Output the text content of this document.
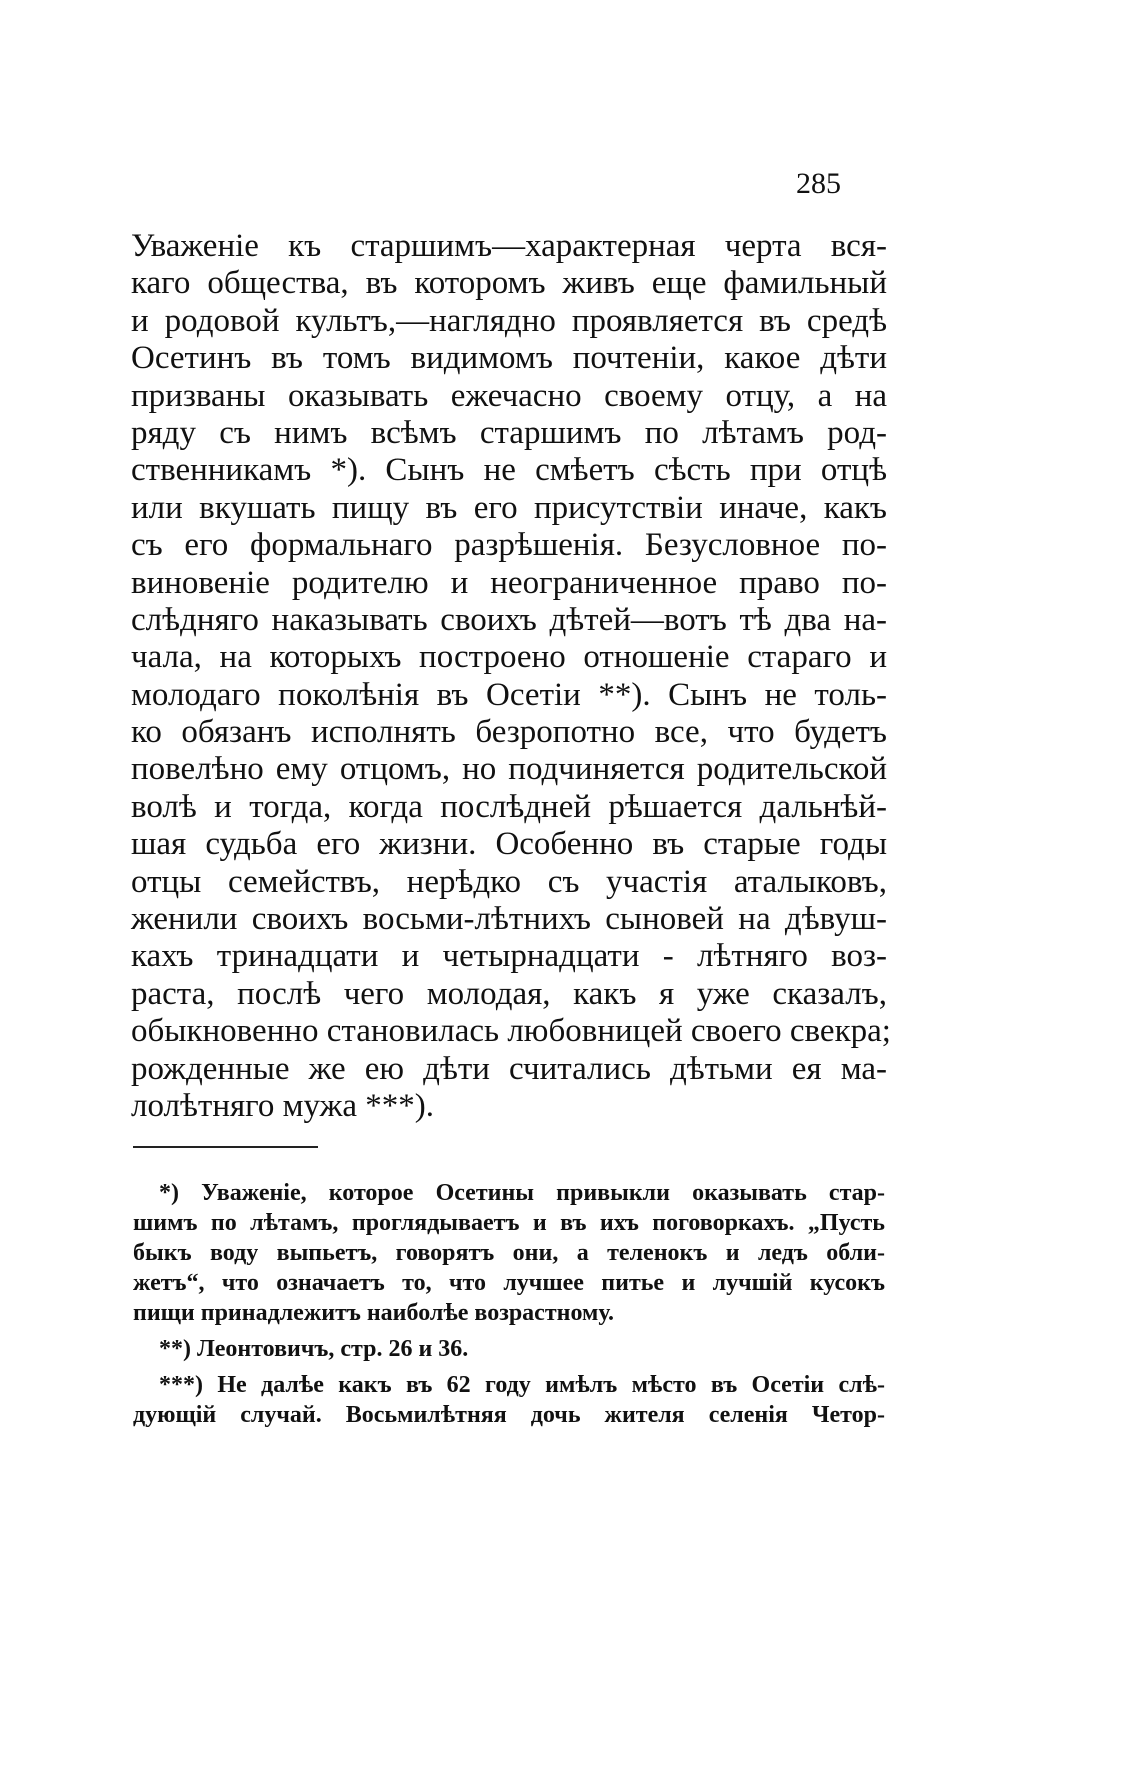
285
Уваженіе къ старшимъ—характерная черта вся-
каго общества, въ которомъ живъ еще фамильный
и родовой культъ,—наглядно проявляется въ средѣ
Осетинъ въ томъ видимомъ почтеніи, какое дѣти
призваны оказывать ежечасно своему отцу, а на
ряду съ нимъ всѣмъ старшимъ по лѣтамъ род-
ственникамъ *). Сынъ не смѣетъ сѣсть при отцѣ
или вкушать пищу въ его присутствіи иначе, какъ
съ его формальнаго разрѣшенія. Безусловное по-
виновеніе родителю и неограниченное право по-
слѣдняго наказывать своихъ дѣтей—вотъ тѣ два на-
чала, на которыхъ построено отношеніе стараго и
молодаго поколѣнія въ Осетіи **). Сынъ не толь-
ко обязанъ исполнять безропотно все, что будетъ
повелѣно ему отцомъ, но подчиняется родительской
волѣ и тогда, когда послѣдней рѣшается дальнѣй-
шая судьба его жизни. Особенно въ старые годы
отцы семействъ, нерѣдко съ участія аталыковъ,
женили своихъ восьми-лѣтнихъ сыновей на дѣвуш-
кахъ тринадцати и четырнадцати - лѣтняго воз-
раста, послѣ чего молодая, какъ я уже сказалъ,
обыкновенно становилась любовницей своего свекра;
рожденные же ею дѣти считались дѣтьми ея ма-
лолѣтняго мужа ***).
*) Уваженіе, которое Осетины привыкли оказывать стар-
шимъ по лѣтамъ, проглядываетъ и въ ихъ поговоркахъ. „Пусть
быкъ воду выпьетъ, говорятъ они, а теленокъ и ледъ обли-
жетъ“, что означаетъ то, что лучшее питье и лучшій кусокъ
пищи принадлежитъ наиболѣе возрастному.
**) Леонтовичъ, стр. 26 и 36.
***) Не далѣе какъ въ 62 году имѣлъ мѣсто въ Осетіи слѣ-
дующій случай. Восьмилѣтняя дочь жителя селенія Четор-
